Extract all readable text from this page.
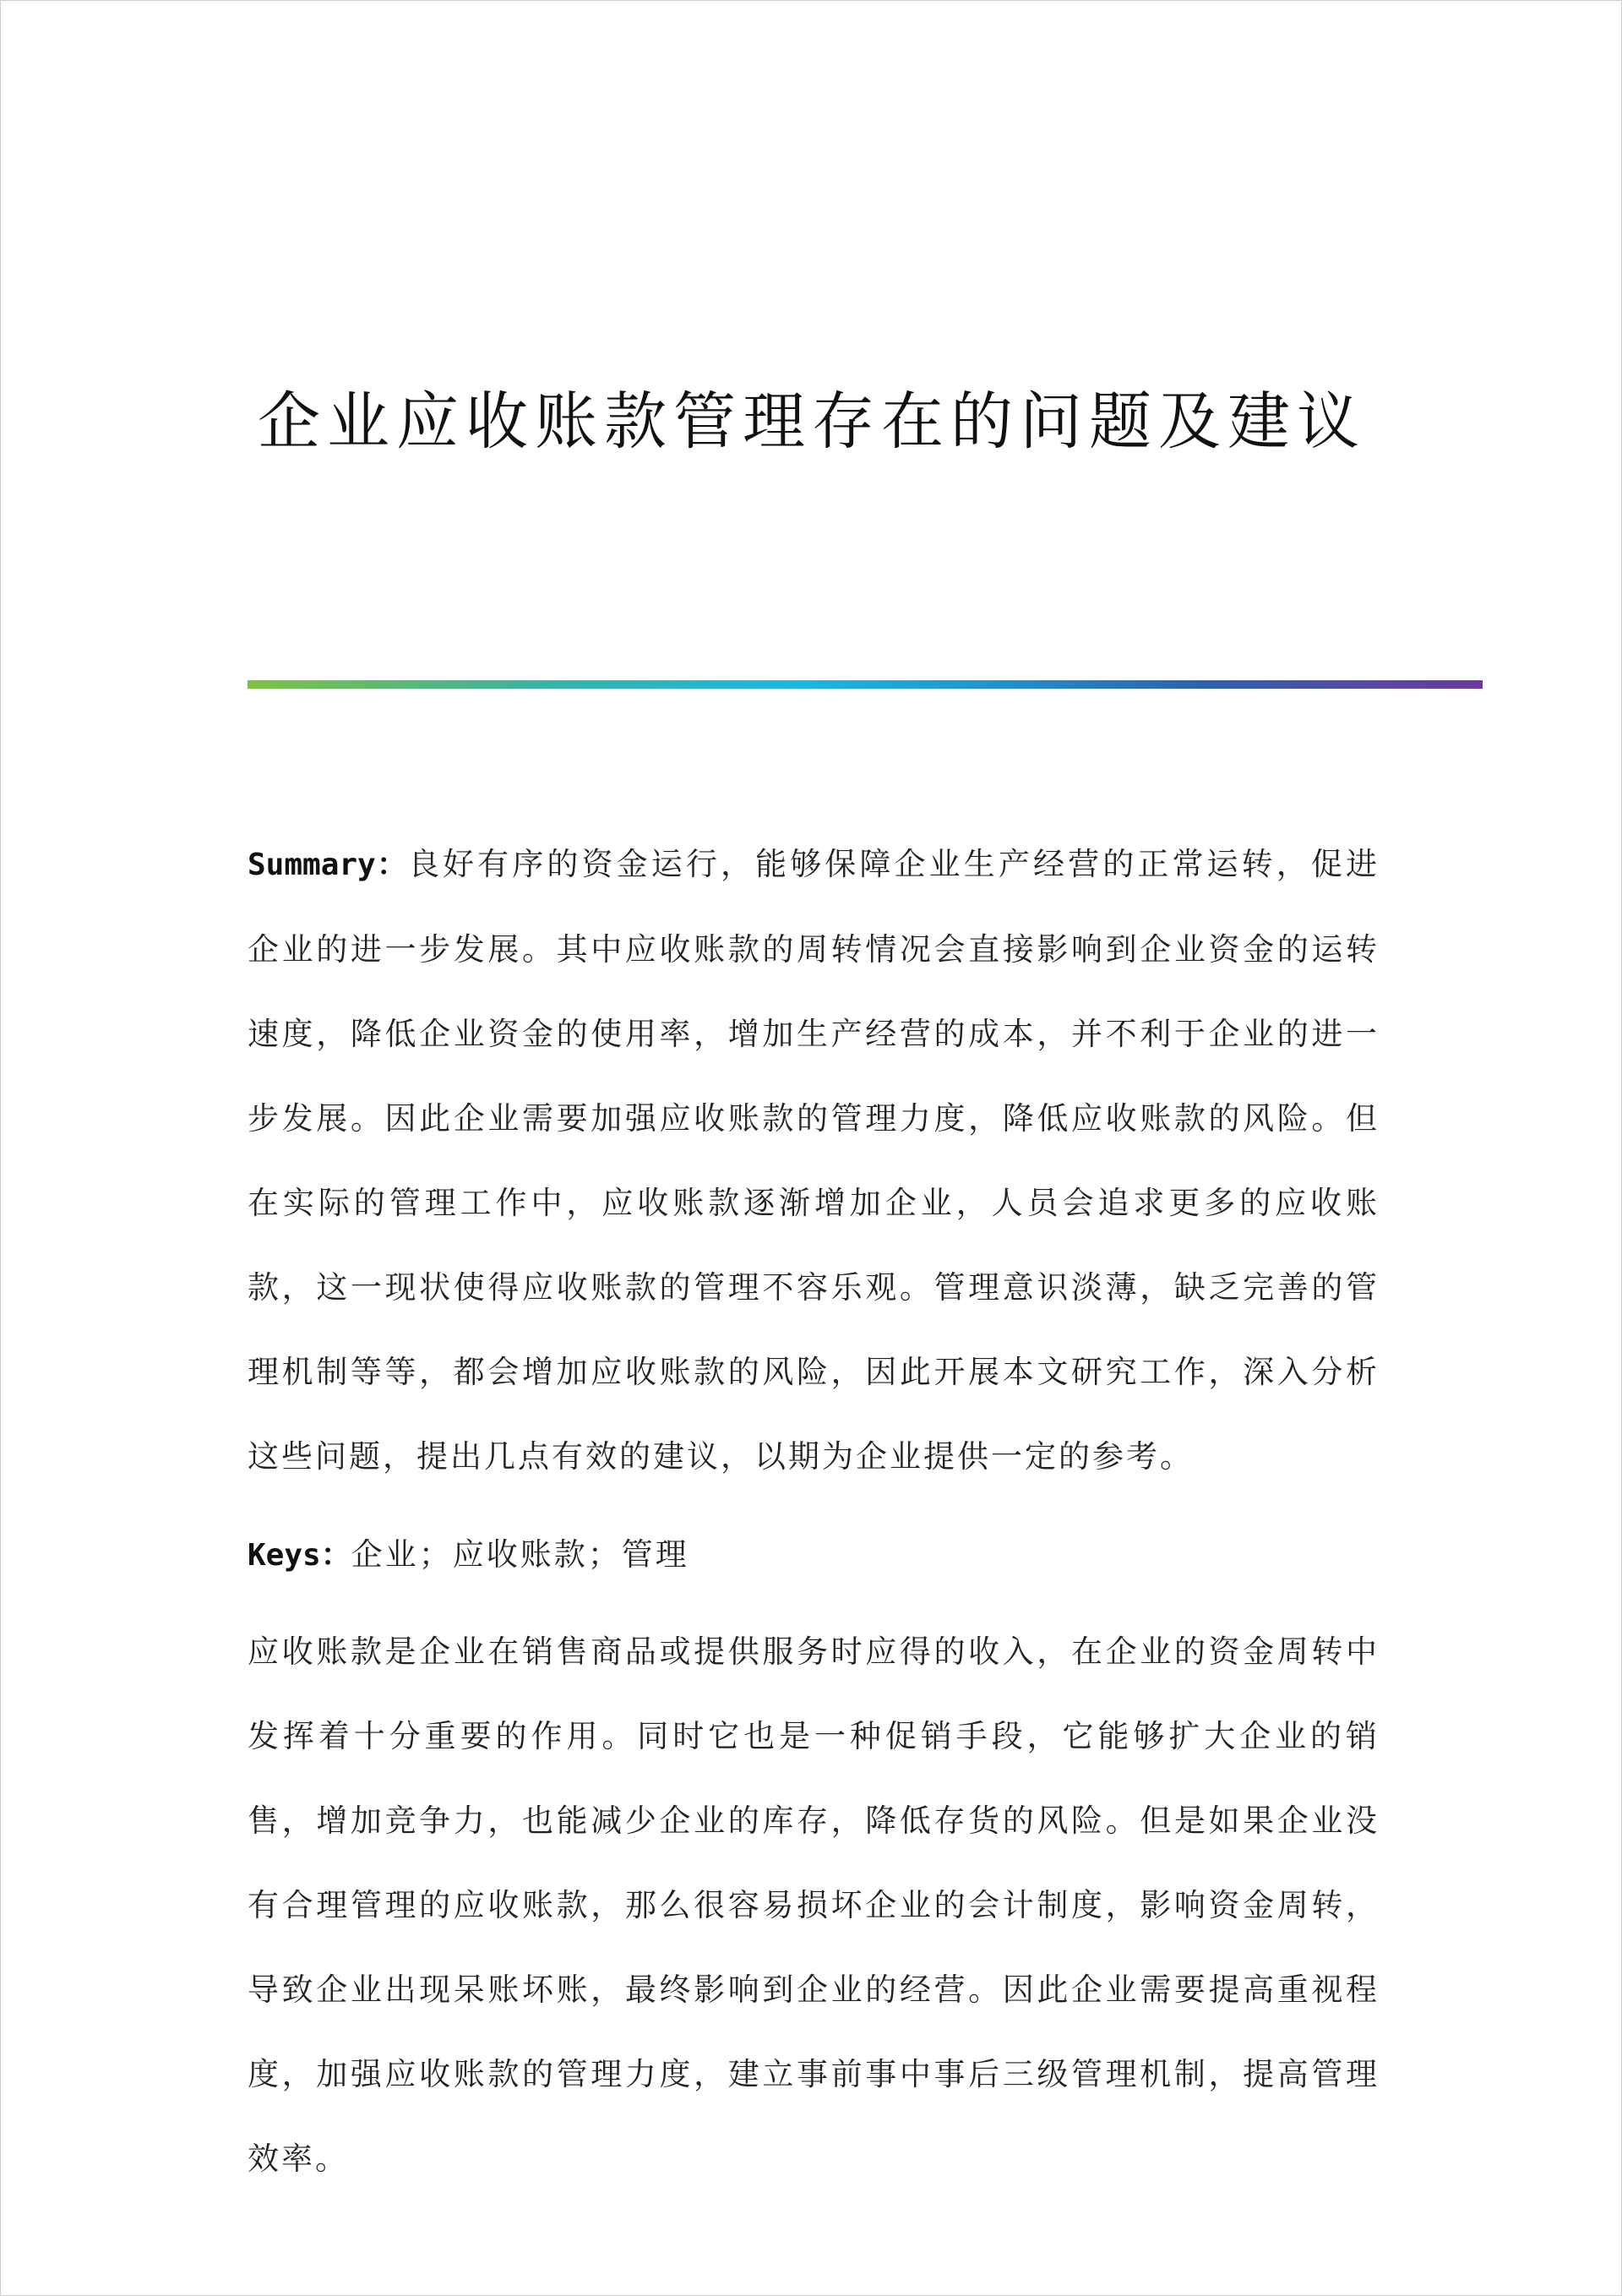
企业应收账款管理存在的问题及建议

Summary：良好有序的资金运行，能够保障企业生产经营的正常运转，促进企业的进一步发展。其中应收账款的周转情况会直接影响到企业资金的运转速度，降低企业资金的使用率，增加生产经营的成本，并不利于企业的进一步发展。因此企业需要加强应收账款的管理力度，降低应收账款的风险。但在实际的管理工作中，应收账款逐渐增加企业，人员会追求更多的应收账款，这一现状使得应收账款的管理不容乐观。管理意识淡薄，缺乏完善的管理机制等等，都会增加应收账款的风险，因此开展本文研究工作，深入分析这些问题，提出几点有效的建议，以期为企业提供一定的参考。

Keys：企业；应收账款；管理

应收账款是企业在销售商品或提供服务时应得的收入，在企业的资金周转中发挥着十分重要的作用。同时它也是一种促销手段，它能够扩大企业的销售，增加竞争力，也能减少企业的库存，降低存货的风险。但是如果企业没有合理管理的应收账款，那么很容易损坏企业的会计制度，影响资金周转，导致企业出现呆账坏账，最终影响到企业的经营。因此企业需要提高重视程度，加强应收账款的管理力度，建立事前事中事后三级管理机制，提高管理效率。
